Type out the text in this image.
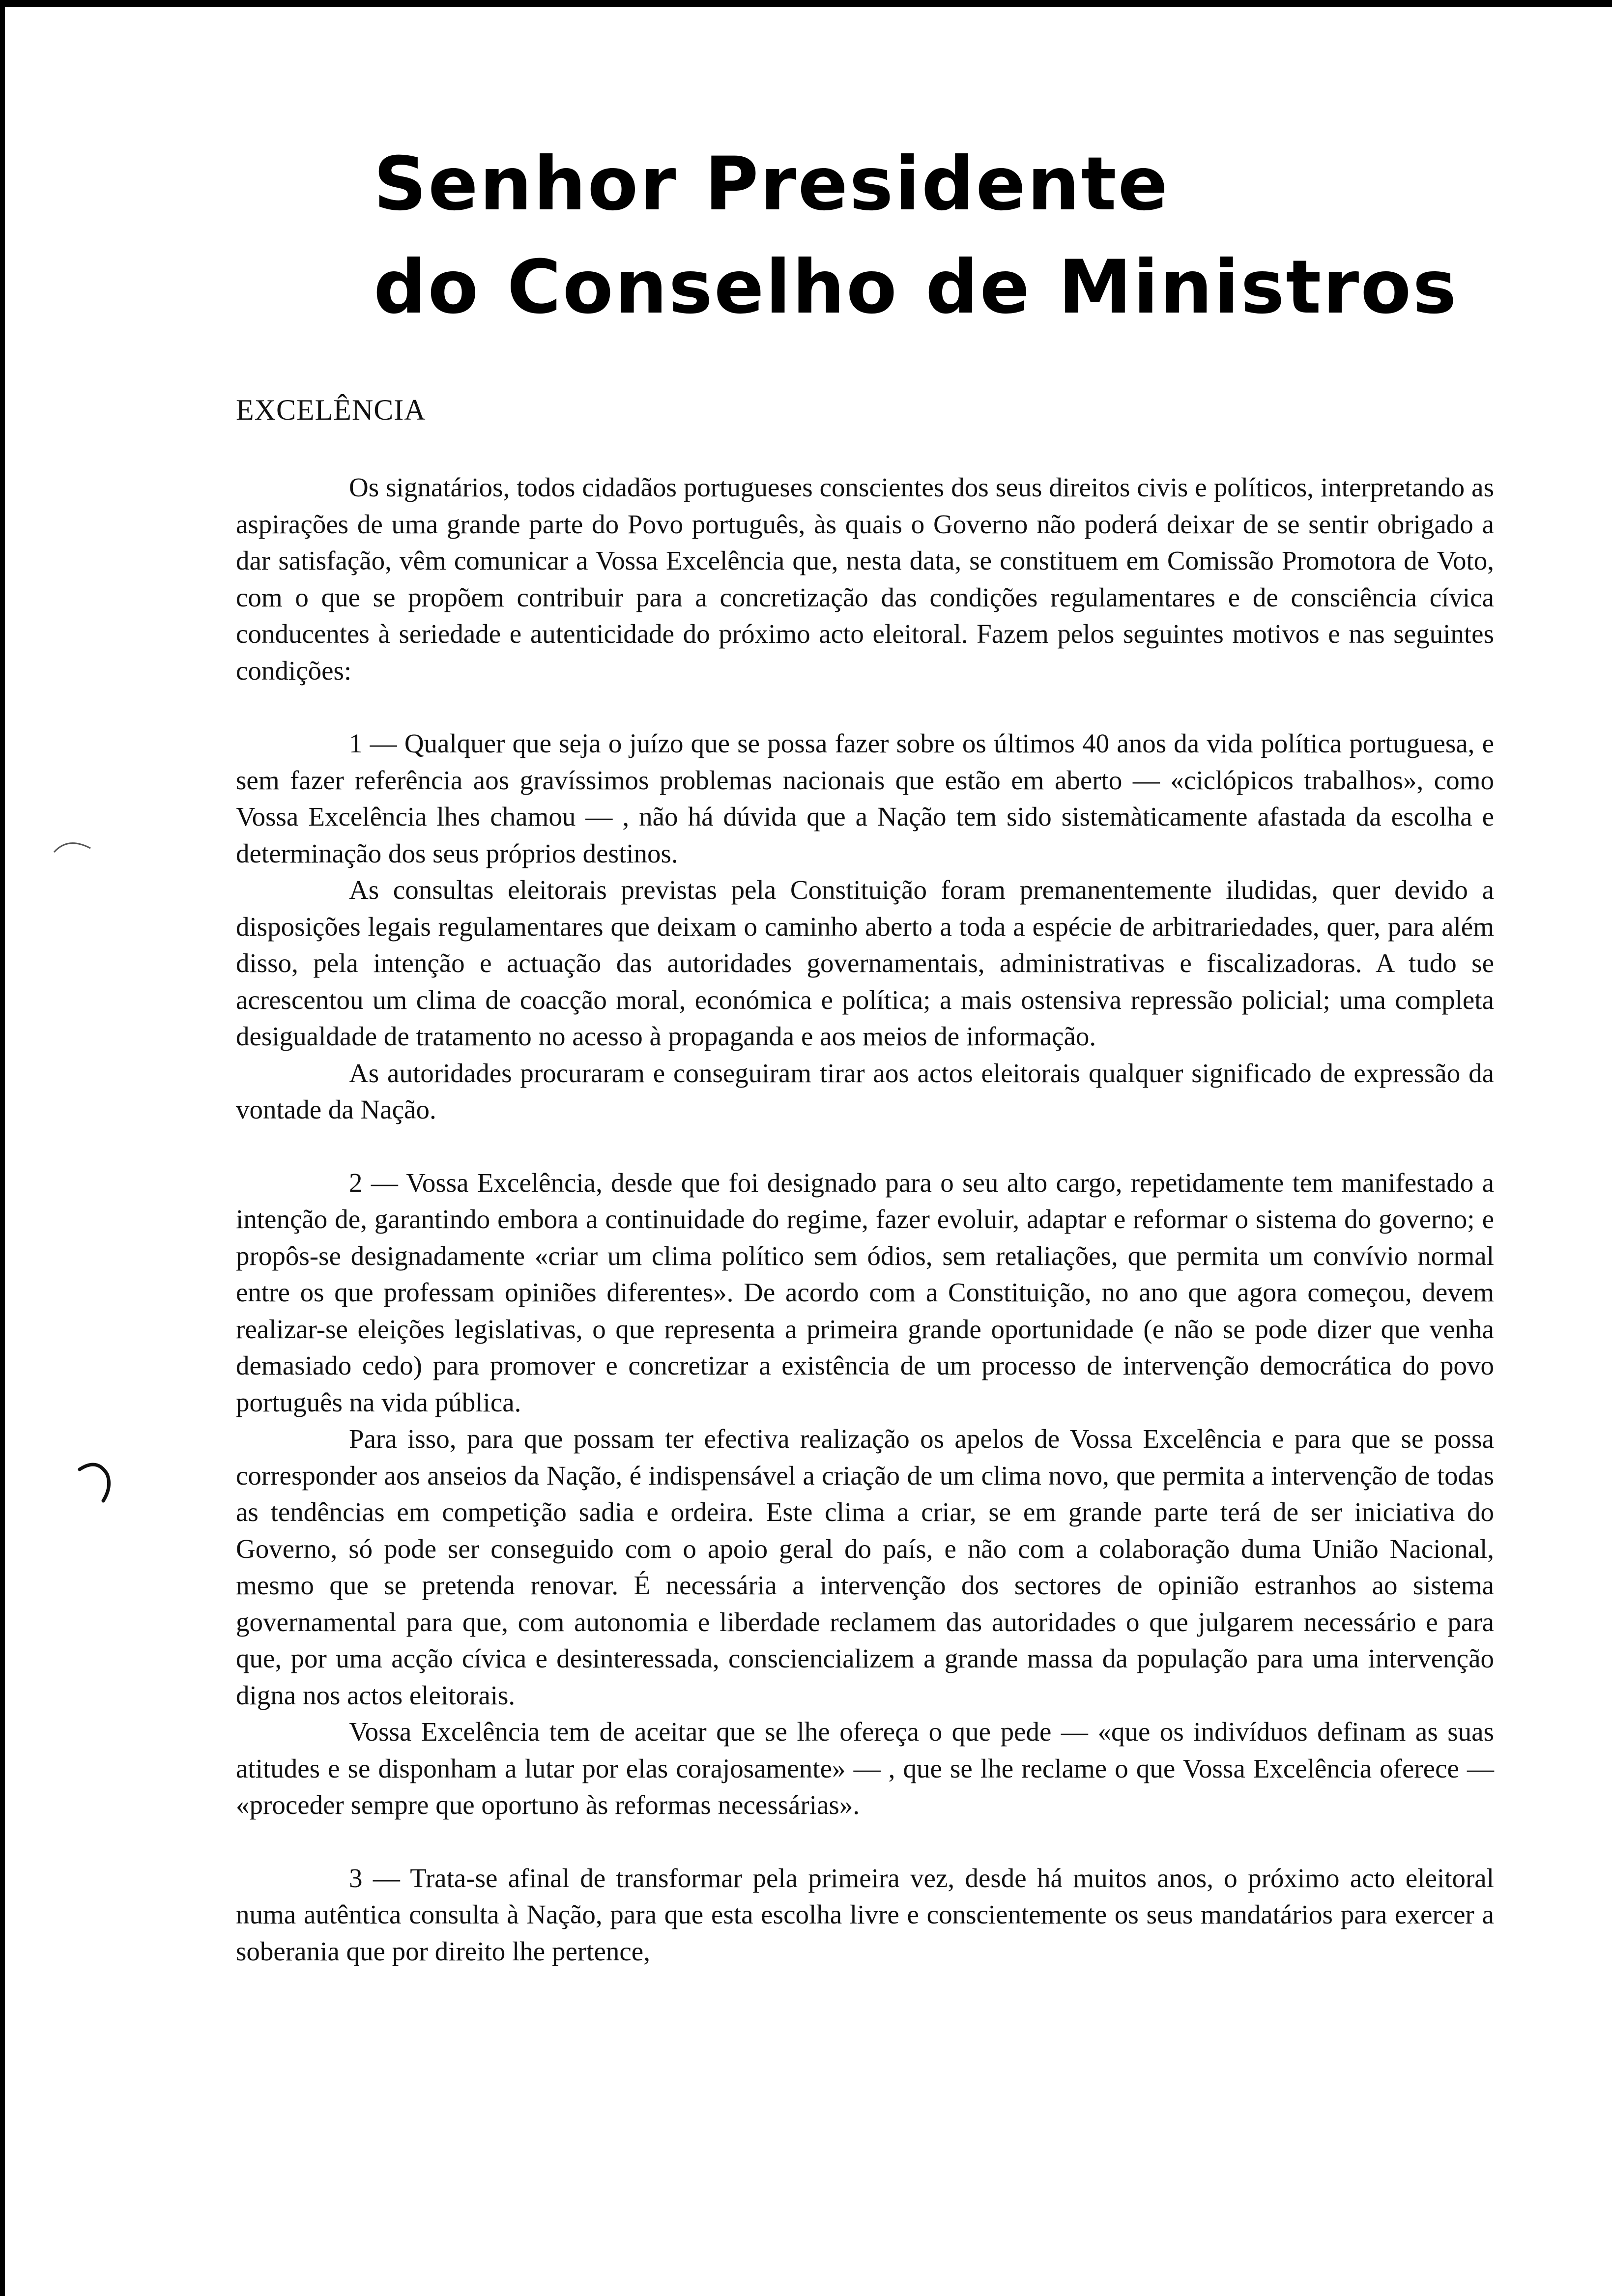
Senhor Presidente
do Conselho de Ministros

EXCELÊNCIA

Os signatários, todos cidadãos portugueses conscientes dos seus direitos civis e políticos, interpretando as aspirações de uma grande parte do Povo português, às quais o Governo não poderá deixar de se sentir obrigado a dar satisfação, vêm comunicar a Vossa Excelência que, nesta data, se constituem em Comissão Promotora de Voto, com o que se propõem contribuir para a concretização das condições regulamentares e de consciência cívica conducentes à seriedade e autenticidade do próximo acto eleitoral. Fazem pelos seguintes motivos e nas seguintes condições:

1 — Qualquer que seja o juízo que se possa fazer sobre os últimos 40 anos da vida política portuguesa, e sem fazer referência aos gravíssimos problemas nacionais que estão em aberto — «ciclópicos trabalhos», como Vossa Excelência lhes chamou — , não há dúvida que a Nação tem sido sistemàticamente afastada da escolha e determinação dos seus próprios destinos.

As consultas eleitorais previstas pela Constituição foram premanentemente iludidas, quer devido a disposições legais regulamentares que deixam o caminho aberto a toda a espécie de arbitrariedades, quer, para além disso, pela intenção e actuação das autoridades governamentais, administrativas e fiscalizadoras. A tudo se acrescentou um clima de coacção moral, económica e política; a mais ostensiva repressão policial; uma completa desigualdade de tratamento no acesso à propaganda e aos meios de informação.

As autoridades procuraram e conseguiram tirar aos actos eleitorais qualquer significado de expressão da vontade da Nação.

2 — Vossa Excelência, desde que foi designado para o seu alto cargo, repetidamente tem manifestado a intenção de, garantindo embora a continuidade do regime, fazer evoluir, adaptar e reformar o sistema do governo; e propôs-se designadamente «criar um clima político sem ódios, sem retaliações, que permita um convívio normal entre os que professam opiniões diferentes». De acordo com a Constituição, no ano que agora começou, devem realizar-se eleições legislativas, o que representa a primeira grande oportunidade (e não se pode dizer que venha demasiado cedo) para promover e concretizar a existência de um processo de intervenção democrática do povo português na vida pública.

Para isso, para que possam ter efectiva realização os apelos de Vossa Excelência e para que se possa corresponder aos anseios da Nação, é indispensável a criação de um clima novo, que permita a intervenção de todas as tendências em competição sadia e ordeira. Este clima a criar, se em grande parte terá de ser iniciativa do Governo, só pode ser conseguido com o apoio geral do país, e não com a colaboração duma União Nacional, mesmo que se pretenda renovar. É necessária a intervenção dos sectores de opinião estranhos ao sistema governamental para que, com autonomia e liberdade reclamem das autoridades o que julgarem necessário e para que, por uma acção cívica e desinteressada, consciencializem a grande massa da população para uma intervenção digna nos actos eleitorais.

Vossa Excelência tem de aceitar que se lhe ofereça o que pede — «que os indivíduos definam as suas atitudes e se disponham a lutar por elas corajosamente» — , que se lhe reclame o que Vossa Excelência oferece — «proceder sempre que oportuno às reformas necessárias».

3 — Trata-se afinal de transformar pela primeira vez, desde há muitos anos, o próximo acto eleitoral numa autêntica consulta à Nação, para que esta escolha livre e conscientemente os seus mandatários para exercer a soberania que por direito lhe pertence,
